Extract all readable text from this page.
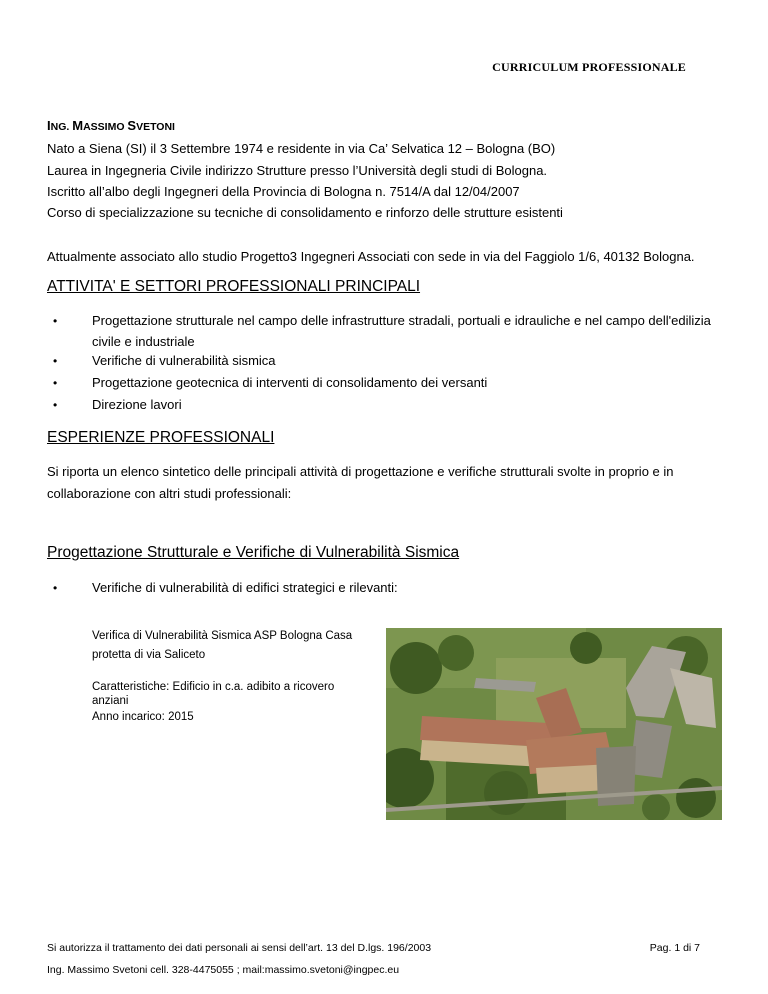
CURRICULUM PROFESSIONALE
ING. MASSIMO SVETONI
Nato a Siena (SI) il 3 Settembre 1974 e residente in via Ca’ Selvatica 12 – Bologna (BO)
Laurea in Ingegneria Civile indirizzo Strutture presso l’Università degli studi di Bologna.
Iscritto all’albo degli Ingegneri della Provincia di Bologna n. 7514/A dal 12/04/2007
Corso di specializzazione su tecniche di consolidamento e rinforzo delle strutture esistenti
Attualmente associato allo studio Progetto3 Ingegneri Associati con sede in via del Faggiolo 1/6, 40132 Bologna.
ATTIVITA' E SETTORI PROFESSIONALI PRINCIPALI
•	Progettazione strutturale nel campo delle infrastrutture stradali, portuali e idrauliche e nel campo dell'edilizia
civile e industriale
•	Verifiche di vulnerabilità sismica
•	Progettazione geotecnica di interventi di consolidamento dei versanti
•	Direzione lavori
ESPERIENZE PROFESSIONALI
Si riporta un elenco sintetico delle principali attività di progettazione e verifiche strutturali svolte in proprio e in
collaborazione con altri studi professionali:
Progettazione Strutturale e Verifiche di Vulnerabilità Sismica
•	Verifiche di vulnerabilità di edifici strategici e rilevanti:
Verifica di Vulnerabilità Sismica ASP Bologna Casa
protetta di via Saliceto
Caratteristiche: Edificio in c.a. adibito a ricovero
anziani
Anno incarico: 2015
Si autorizza il trattamento dei dati personali ai sensi dell’art. 13 del D.lgs. 196/2003
Ing. Massimo Svetoni cell. 328-4475055 ; mail:massimo.svetoni@ingpec.eu
Pag. 1 di 7
